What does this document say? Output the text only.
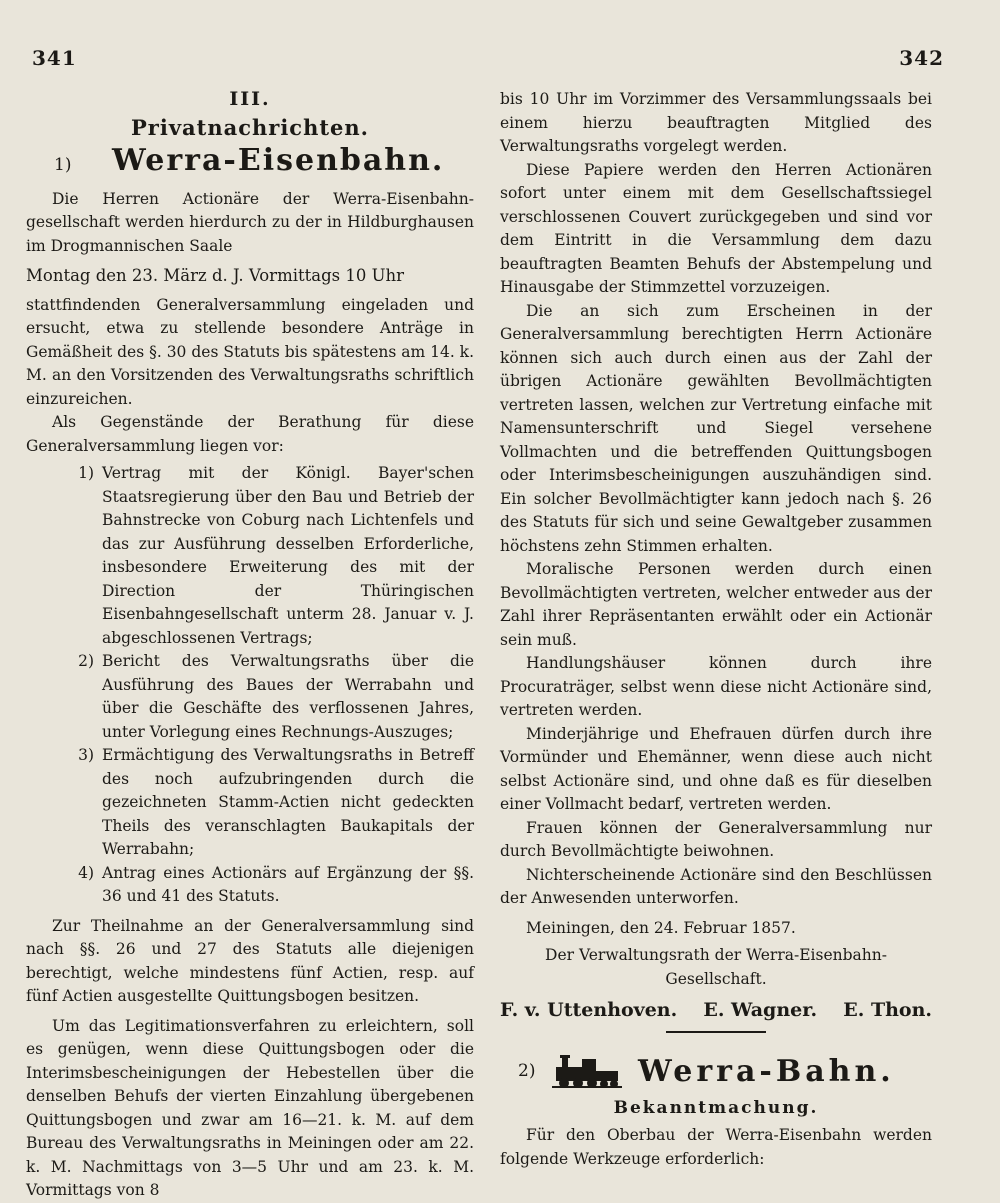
341	342
III.
Privatnachrichten.
1)	Werra-Eisenbahn.

Die Herren Actionäre der Werra-Eisenbahn-gesellschaft werden hierdurch zu der in Hildburghausen im Drogmannischen Saale

Montag den 23. März d. J. Vormittags 10 Uhr

stattfindenden Generalversammlung eingeladen und ersucht, etwa zu stellende besondere Anträge in Gemäßheit des §. 30 des Statuts bis spätestens am 14. k. M. an den Vorsitzenden des Verwaltungsraths schriftlich einzureichen.

Als Gegenstände der Berathung für diese Generalversammlung liegen vor:

1) Vertrag mit der Königl. Bayer'schen Staatsregierung über den Bau und Betrieb der Bahnstrecke von Coburg nach Lichtenfels und das zur Ausführung desselben Erforderliche, insbesondere Erweiterung des mit der Direction der Thüringischen Eisenbahngesellschaft unterm 28. Januar v. J. abgeschlossenen Vertrags;
2) Bericht des Verwaltungsraths über die Ausführung des Baues der Werrabahn und über die Geschäfte des verflossenen Jahres, unter Vorlegung eines Rechnungs-Auszuges;
3) Ermächtigung des Verwaltungsraths in Betreff des noch aufzubringenden durch die gezeichneten Stamm-Actien nicht gedeckten Theils des veranschlagten Baukapitals der Werrabahn;
4) Antrag eines Actionärs auf Ergänzung der §§. 36 und 41 des Statuts.

Zur Theilnahme an der Generalversammlung sind nach §§. 26 und 27 des Statuts alle diejenigen berechtigt, welche mindestens fünf Actien, resp. auf fünf Actien ausgestellte Quittungsbogen besitzen.

Um das Legitimationsverfahren zu erleichtern, soll es genügen, wenn diese Quittungsbogen oder die Interimsbescheinigungen der Hebestellen über die denselben Behufs der vierten Einzahlung übergebenen Quittungsbogen und zwar am 16—21. k. M. auf dem Bureau des Verwaltungsraths in Meiningen oder am 22. k. M. Nachmittags von 3—5 Uhr und am 23. k. M. Vormittags von 8

bis 10 Uhr im Vorzimmer des Versammlungssaals bei einem hierzu beauftragten Mitglied des Verwaltungsraths vorgelegt werden.

Diese Papiere werden den Herren Actionären sofort unter einem mit dem Gesellschaftssiegel verschlossenen Couvert zurückgegeben und sind vor dem Eintritt in die Versammlung dem dazu beauftragten Beamten Behufs der Abstempelung und Hinausgabe der Stimmzettel vorzuzeigen.

Die an sich zum Erscheinen in der Generalversammlung berechtigten Herrn Actionäre können sich auch durch einen aus der Zahl der übrigen Actionäre gewählten Bevollmächtigten vertreten lassen, welchen zur Vertretung einfache mit Namensunterschrift und Siegel versehene Vollmachten und die betreffenden Quittungsbogen oder Interimsbescheinigungen auszuhändigen sind. Ein solcher Bevollmächtigter kann jedoch nach §. 26 des Statuts für sich und seine Gewaltgeber zusammen höchstens zehn Stimmen erhalten.

Moralische Personen werden durch einen Bevollmächtigten vertreten, welcher entweder aus der Zahl ihrer Repräsentanten erwählt oder ein Actionär sein muß.

Handlungshäuser können durch ihre Procuraträger, selbst wenn diese nicht Actionäre sind, vertreten werden.

Minderjährige und Ehefrauen dürfen durch ihre Vormünder und Ehemänner, wenn diese auch nicht selbst Actionäre sind, und ohne daß es für dieselben einer Vollmacht bedarf, vertreten werden.

Frauen können der Generalversammlung nur durch Bevollmächtigte beiwohnen.

Nichterscheinende Actionäre sind den Beschlüssen der Anwesenden unterworfen.

Meiningen, den 24. Februar 1857.

Der Verwaltungsrath der Werra-Eisenbahn-Gesellschaft.

F. v. Uttenhoven. E. Wagner. E. Thon.
2)	Werra-Bahn.
Bekanntmachung.

Für den Oberbau der Werra-Eisenbahn werden folgende Werkzeuge erforderlich:
